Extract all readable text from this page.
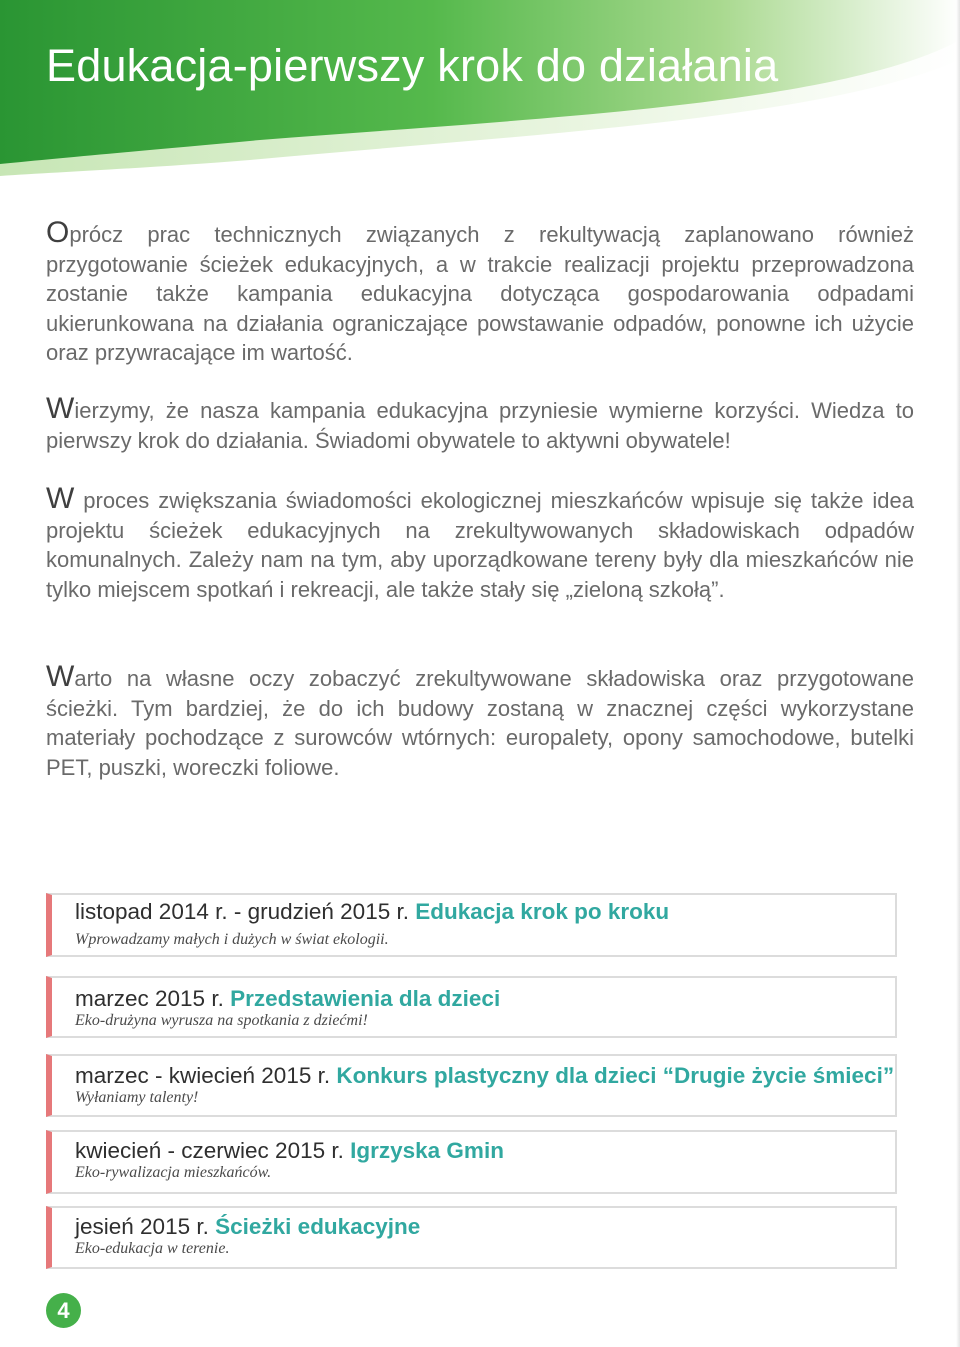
Edukacja-pierwszy krok do działania
Oprócz prac technicznych związanych z rekultywacją zaplanowano również przygotowanie ścieżek edukacyjnych, a w trakcie realizacji projektu przeprowadzona zostanie także kampania edukacyjna dotycząca gospodarowania odpadami ukierunkowana na działania ograniczające powstawanie odpadów, ponowne ich użycie oraz przywracające im wartość.
Wierzymy, że nasza kampania edukacyjna przyniesie wymierne korzyści. Wiedza to pierwszy krok do działania. Świadomi obywatele to aktywni obywatele!
W proces zwiększania świadomości ekologicznej mieszkańców wpisuje się także idea projektu ścieżek edukacyjnych na zrekultywowanych składowiskach odpadów komunalnych. Zależy nam na tym, aby uporządkowane tereny były dla mieszkańców nie tylko miejscem spotkań i rekreacji, ale także stały się „zieloną szkołą”.
Warto na własne oczy zobaczyć zrekultywowane składowiska oraz przygotowane ścieżki. Tym bardziej, że do ich budowy zostaną w znacznej części wykorzystane materiały pochodzące z surowców wtórnych: europalety, opony samochodowe, butelki PET, puszki, woreczki foliowe.
listopad 2014 r. - grudzień 2015 r. Edukacja krok po kroku
Wprowadzamy małych i dużych w świat ekologii.
marzec 2015 r. Przedstawienia dla dzieci
Eko-drużyna wyrusza na spotkania z dziećmi!
marzec - kwiecień 2015 r. Konkurs plastyczny dla dzieci “Drugie życie śmieci”
Wyłaniamy talenty!
kwiecień - czerwiec 2015 r. Igrzyska Gmin
Eko-rywalizacja mieszkańców.
jesień 2015 r. Ścieżki edukacyjne
Eko-edukacja w terenie.
4
